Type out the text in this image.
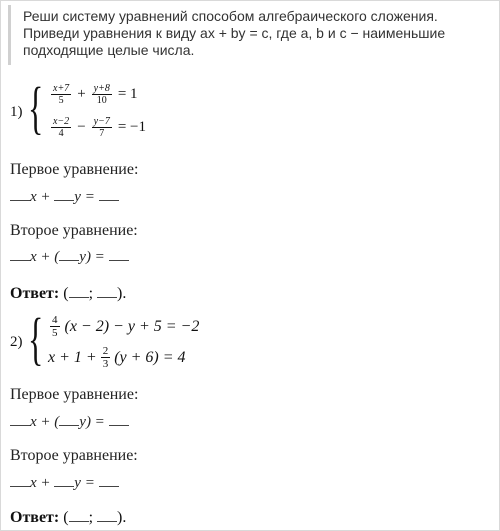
Реши систему уравнений способом алгебраического сложения.
Приведи уравнения к виду ax + by = c, где a, b и c − наименьшие
подходящие целые числа.
1) { $\frac{x+7}{5} + \frac{y+8}{10} = 1$
$\frac{x-2}{4} - \frac{y-7}{7} = -1$
Первое уравнение:
x + y =
Второе уравнение:
x + ( y) =
Ответ: ( ; ).
2) { $\frac{4}{5} (x - 2) - y + 5 = -2$
$x + 1 + \frac{2}{3} (y + 6) = 4$
Первое уравнение:
x + ( y) =
Второе уравнение:
x + y =
Ответ: ( ; ).
